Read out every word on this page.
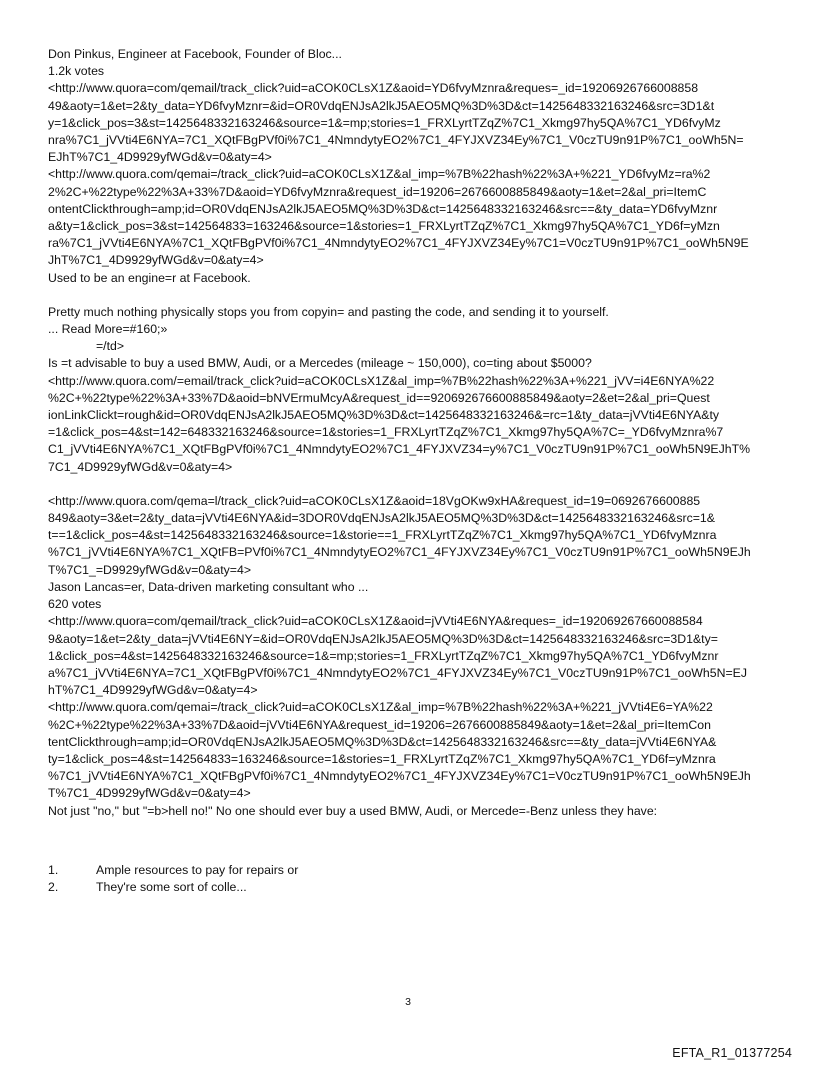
Don Pinkus, Engineer at Facebook, Founder of Bloc...
1.2k votes
<http://www.quora=com/qemail/track_click?uid=aCOK0CLsX1Z&aoid=YD6fvyMznra&reques=_id=19206926766008858
49&aoty=1&et=2&ty_data=YD6fvyMznr=&id=OR0VdqENJsA2lkJ5AEO5MQ%3D%3D&ct=1425648332163246&src=3D1&t
y=1&click_pos=3&st=1425648332163246&source=1&=mp;stories=1_FRXLyrtTZqZ%7C1_Xkmg97hy5QA%7C1_YD6fvyMz
nra%7C1_jVVti4E6NYA=7C1_XQtFBgPVf0i%7C1_4NmndytyEO2%7C1_4FYJXVZ34Ey%7C1_V0czTU9n91P%7C1_ooWh5N=
EJhT%7C1_4D9929yfWGd&v=0&aty=4>
<http://www.quora.com/qemai=/track_click?uid=aCOK0CLsX1Z&al_imp=%7B%22hash%22%3A+%221_YD6fvyMz=ra%2
2%2C+%22type%22%3A+33%7D&aoid=YD6fvyMznra&request_id=19206=2676600885849&aoty=1&et=2&al_pri=ItemC
ontentClickthrough=amp;id=OR0VdqENJsA2lkJ5AEO5MQ%3D%3D&ct=1425648332163246&src==&ty_data=YD6fvyMznr
a&ty=1&click_pos=3&st=142564833=163246&source=1&stories=1_FRXLyrtTZqZ%7C1_Xkmg97hy5QA%7C1_YD6f=yMzn
ra%7C1_jVVti4E6NYA%7C1_XQtFBgPVf0i%7C1_4NmndytyEO2%7C1_4FYJXVZ34Ey%7C1=V0czTU9n91P%7C1_ooWh5N9E
JhT%7C1_4D9929yfWGd&v=0&aty=4>
Used to be an engine=r at Facebook.
Pretty much nothing physically stops you from copyin= and pasting the code, and sending it to yourself.
... Read More=#160;»
=/td>
Is =t advisable to buy a used BMW, Audi, or a Mercedes (mileage ~ 150,000), co=ting about $5000?
<http://www.quora.com/=email/track_click?uid=aCOK0CLsX1Z&al_imp=%7B%22hash%22%3A+%221_jVV=i4E6NYA%22
%2C+%22type%22%3A+33%7D&aoid=bNVErmuMcyA&request_id==920692676600885849&aoty=2&et=2&al_pri=Quest
ionLinkClickt=rough&id=OR0VdqENJsA2lkJ5AEO5MQ%3D%3D&ct=1425648332163246&=rc=1&ty_data=jVVti4E6NYA&ty
=1&click_pos=4&st=142=648332163246&source=1&stories=1_FRXLyrtTZqZ%7C1_Xkmg97hy5QA%7C=_YD6fvyMznra%7
C1_jVVti4E6NYA%7C1_XQtFBgPVf0i%7C1_4NmndytyEO2%7C1_4FYJXVZ34=y%7C1_V0czTU9n91P%7C1_ooWh5N9EJhT%
7C1_4D9929yfWGd&v=0&aty=4>
<http://www.quora.com/qema=l/track_click?uid=aCOK0CLsX1Z&aoid=18VgOKw9xHA&request_id=19=0692676600885
849&aoty=3&et=2&ty_data=jVVti4E6NYA&id=3DOR0VdqENJsA2lkJ5AEO5MQ%3D%3D&ct=1425648332163246&src=1&
t==1&click_pos=4&st=1425648332163246&source=1&storie==1_FRXLyrtTZqZ%7C1_Xkmg97hy5QA%7C1_YD6fvyMznra
%7C1_jVVti4E6NYA%7C1_XQtFB=PVf0i%7C1_4NmndytyEO2%7C1_4FYJXVZ34Ey%7C1_V0czTU9n91P%7C1_ooWh5N9EJh
T%7C1_=D9929yfWGd&v=0&aty=4>
Jason Lancas=er, Data-driven marketing consultant who ...
620 votes
<http://www.quora=com/qemail/track_click?uid=aCOK0CLsX1Z&aoid=jVVti4E6NYA&reques=_id=192069267660088584
9&aoty=1&et=2&ty_data=jVVti4E6NY=&id=OR0VdqENJsA2lkJ5AEO5MQ%3D%3D&ct=1425648332163246&src=3D1&ty=
1&click_pos=4&st=1425648332163246&source=1&=mp;stories=1_FRXLyrtTZqZ%7C1_Xkmg97hy5QA%7C1_YD6fvyMznr
a%7C1_jVVti4E6NYA=7C1_XQtFBgPVf0i%7C1_4NmndytyEO2%7C1_4FYJXVZ34Ey%7C1_V0czTU9n91P%7C1_ooWh5N=EJ
hT%7C1_4D9929yfWGd&v=0&aty=4>
<http://www.quora.com/qemai=/track_click?uid=aCOK0CLsX1Z&al_imp=%7B%22hash%22%3A+%221_jVVti4E6=YA%22
%2C+%22type%22%3A+33%7D&aoid=jVVti4E6NYA&request_id=19206=2676600885849&aoty=1&et=2&al_pri=ItemCon
tentClickthrough=amp;id=OR0VdqENJsA2lkJ5AEO5MQ%3D%3D&ct=1425648332163246&src==&ty_data=jVVti4E6NYA&
ty=1&click_pos=4&st=142564833=163246&source=1&stories=1_FRXLyrtTZqZ%7C1_Xkmg97hy5QA%7C1_YD6f=yMznra
%7C1_jVVti4E6NYA%7C1_XQtFBgPVf0i%7C1_4NmndytyEO2%7C1_4FYJXVZ34Ey%7C1=V0czTU9n91P%7C1_ooWh5N9EJh
T%7C1_4D9929yfWGd&v=0&aty=4>
Not just "no," but "=b>hell no!" No one should ever buy a used BMW, Audi, or Mercede=-Benz unless they have:
1.	Ample resources to pay for repairs or
2.	They're some sort of colle...
3
EFTA_R1_01377254
